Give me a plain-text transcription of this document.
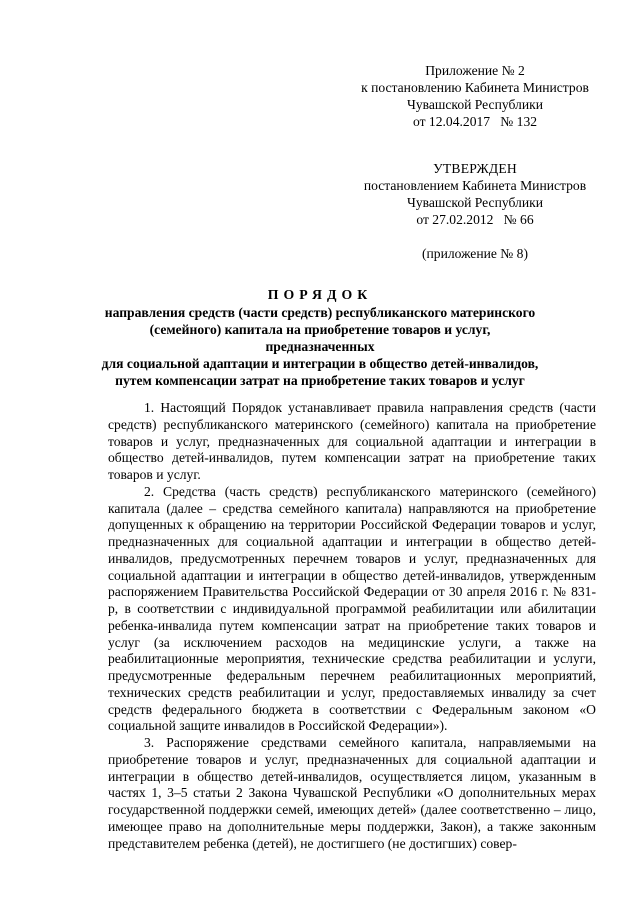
Приложение № 2
к постановлению Кабинета Министров
Чувашской Республики
от 12.04.2017   № 132
УТВЕРЖДЕН
постановлением Кабинета Министров
Чувашской Республики
от 27.02.2012   № 66
(приложение № 8)
ПОРЯДОК
направления средств (части средств) республиканского материнского
(семейного) капитала на приобретение товаров и услуг, предназначенных
для социальной адаптации и интеграции в общество детей-инвалидов,
путем компенсации затрат на приобретение таких товаров и услуг

1. Настоящий Порядок устанавливает правила направления средств (части средств) республиканского материнского (семейного) капитала на приобретение товаров и услуг, предназначенных для социальной адаптации и интеграции в общество детей-инвалидов, путем компенсации затрат на приобретение таких товаров и услуг.

2. Средства (часть средств) республиканского материнского (семейного) капитала (далее – средства семейного капитала) направляются на приобретение допущенных к обращению на территории Российской Федерации товаров и услуг, предназначенных для социальной адаптации и интеграции в общество детей-инвалидов, предусмотренных перечнем товаров и услуг, предназначенных для социальной адаптации и интеграции в общество детей-инвалидов, утвержденным распоряжением Правительства Российской Федерации от 30 апреля 2016 г. № 831-р, в соответствии с индивидуальной программой реабилитации или абилитации ребенка-инвалида путем компенсации затрат на приобретение таких товаров и услуг (за исключением расходов на медицинские услуги, а также на реабилитационные мероприятия, технические средства реабилитации и услуги, предусмотренные федеральным перечнем реабилитационных мероприятий, технических средств реабилитации и услуг, предоставляемых инвалиду за счет средств федерального бюджета в соответствии с Федеральным законом «О социальной защите инвалидов в Российской Федерации»).

3. Распоряжение средствами семейного капитала, направляемыми на приобретение товаров и услуг, предназначенных для социальной адаптации и интеграции в общество детей-инвалидов, осуществляется лицом, указанным в частях 1, 3–5 статьи 2 Закона Чувашской Республики «О дополнительных мерах государственной поддержки семей, имеющих детей» (далее соответственно – лицо, имеющее право на дополнительные меры поддержки, Закон), а также законным представителем ребенка (детей), не достигшего (не достигших) совер-
